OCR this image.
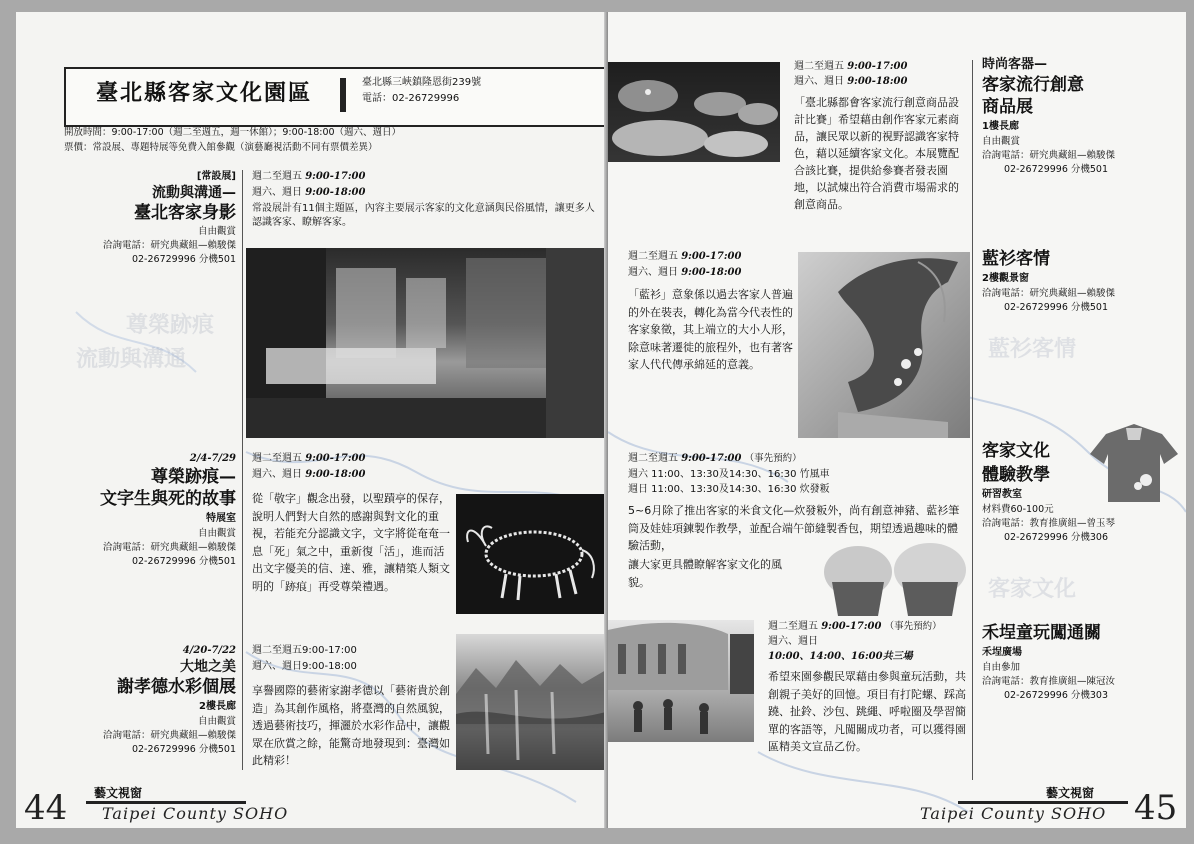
尊榮跡痕
流動與溝通
臺北縣客家文化園區	臺北縣三峽鎮隆恩街239號
電話：02-26729996
開放時間：9:00-17:00（週二至週五，週一休館）；9:00-18:00（週六、週日）
票價：常設展、專題特展等免費入館參觀（演藝廳視活動不同有票價差異）
[常設展]
流動與溝通—
臺北客家身影
自由觀賞
洽詢電話：研究典藏組—賴駿傑
02-26729996 分機501
週二至週五 9:00-17:00
週六、週日 9:00-18:00
常設展計有11個主題區，內容主要展示客家的文化意涵與民俗風情，讓更多人認識客家、瞭解客家。
2/4-7/29
尊榮跡痕—
文字生與死的故事
特展室
自由觀賞
洽詢電話：研究典藏組—賴駿傑
02-26729996 分機501
週二至週五 9:00-17:00
週六、週日 9:00-18:00
從「敬字」觀念出發，以聖蹟亭的保存，說明人們對大自然的感謝與對文化的重視，若能充分認識文字，文字將從奄奄一息「死」氣之中，重新復「活」，進而活出文字優美的信、達、雅，讓精築人類文明的「跡痕」再受尊榮禮遇。
4/20-7/22
大地之美
謝孝德水彩個展
2樓長廊
自由觀賞
洽詢電話：研究典藏組—賴駿傑
02-26729996 分機501
週二至週五9:00-17:00
週六、週日9:00-18:00
享譽國際的藝術家謝孝德以「藝術貴於創造」為其創作風格，將臺灣的自然風貌，透過藝術技巧，揮灑於水彩作品中，讓觀眾在欣賞之餘，能驚奇地發現到：臺灣如此精彩！
44 藝文視窗
Taipei County SOHO
藍衫客情
客家文化
週二至週五 9:00-17:00
週六、週日 9:00-18:00
「臺北縣都會客家流行創意商品設計比賽」希望藉由創作客家元素商品，讓民眾以新的視野認識客家特色，藉以延續客家文化。本展覽配合該比賽，提供給參賽者發表園地，以試煉出符合消費市場需求的創意商品。
時尚客器—
客家流行創意
商品展
1樓長廊
自由觀賞
洽詢電話：研究典藏組—賴駿傑
02-26729996 分機501
週二至週五 9:00-17:00
週六、週日 9:00-18:00
「藍衫」意象係以過去客家人普遍的外在裝表，轉化為當今代表性的客家象徵，其上端立的大小人形，除意味著遷徙的旅程外，也有著客家人代代傳承綿延的意義。
藍衫客情
2樓觀景窗
洽詢電話：研究典藏組—賴駿傑
02-26729996 分機501
週二至週五 9:00-17:00 （事先預約）
週六 11:00、13:30及14:30、16:30 竹風車
週日 11:00、13:30及14:30、16:30 炊發粄
5~6月除了推出客家的米食文化—炊發粄外，尚有創意神豬、藍衫筆筒及娃娃項鍊製作教學，並配合端午節縫製香包，期望透過趣味的體驗活動，
讓大家更具體瞭解客家文化的風貌。
客家文化
體驗教學
研習教室
材料費60-100元
洽詢電話：教育推廣組—曾玉琴
02-26729996 分機306
週二至週五 9:00-17:00 （事先預約）
週六、週日
10:00、14:00、16:00共三場
希望來園參觀民眾藉由參與童玩活動，共創親子美好的回憶。項目有打陀螺、踩高蹺、扯鈴、沙包、跳繩、呼啦圈及學習簡單的客語等，凡闖關成功者，可以獲得園區精美文宣品乙份。
禾埕童玩闖通關
禾埕廣場
自由參加
洽詢電話：教育推廣組—陳冠汝
02-26729996 分機303
藝文視窗
Taipei County SOHO 45
